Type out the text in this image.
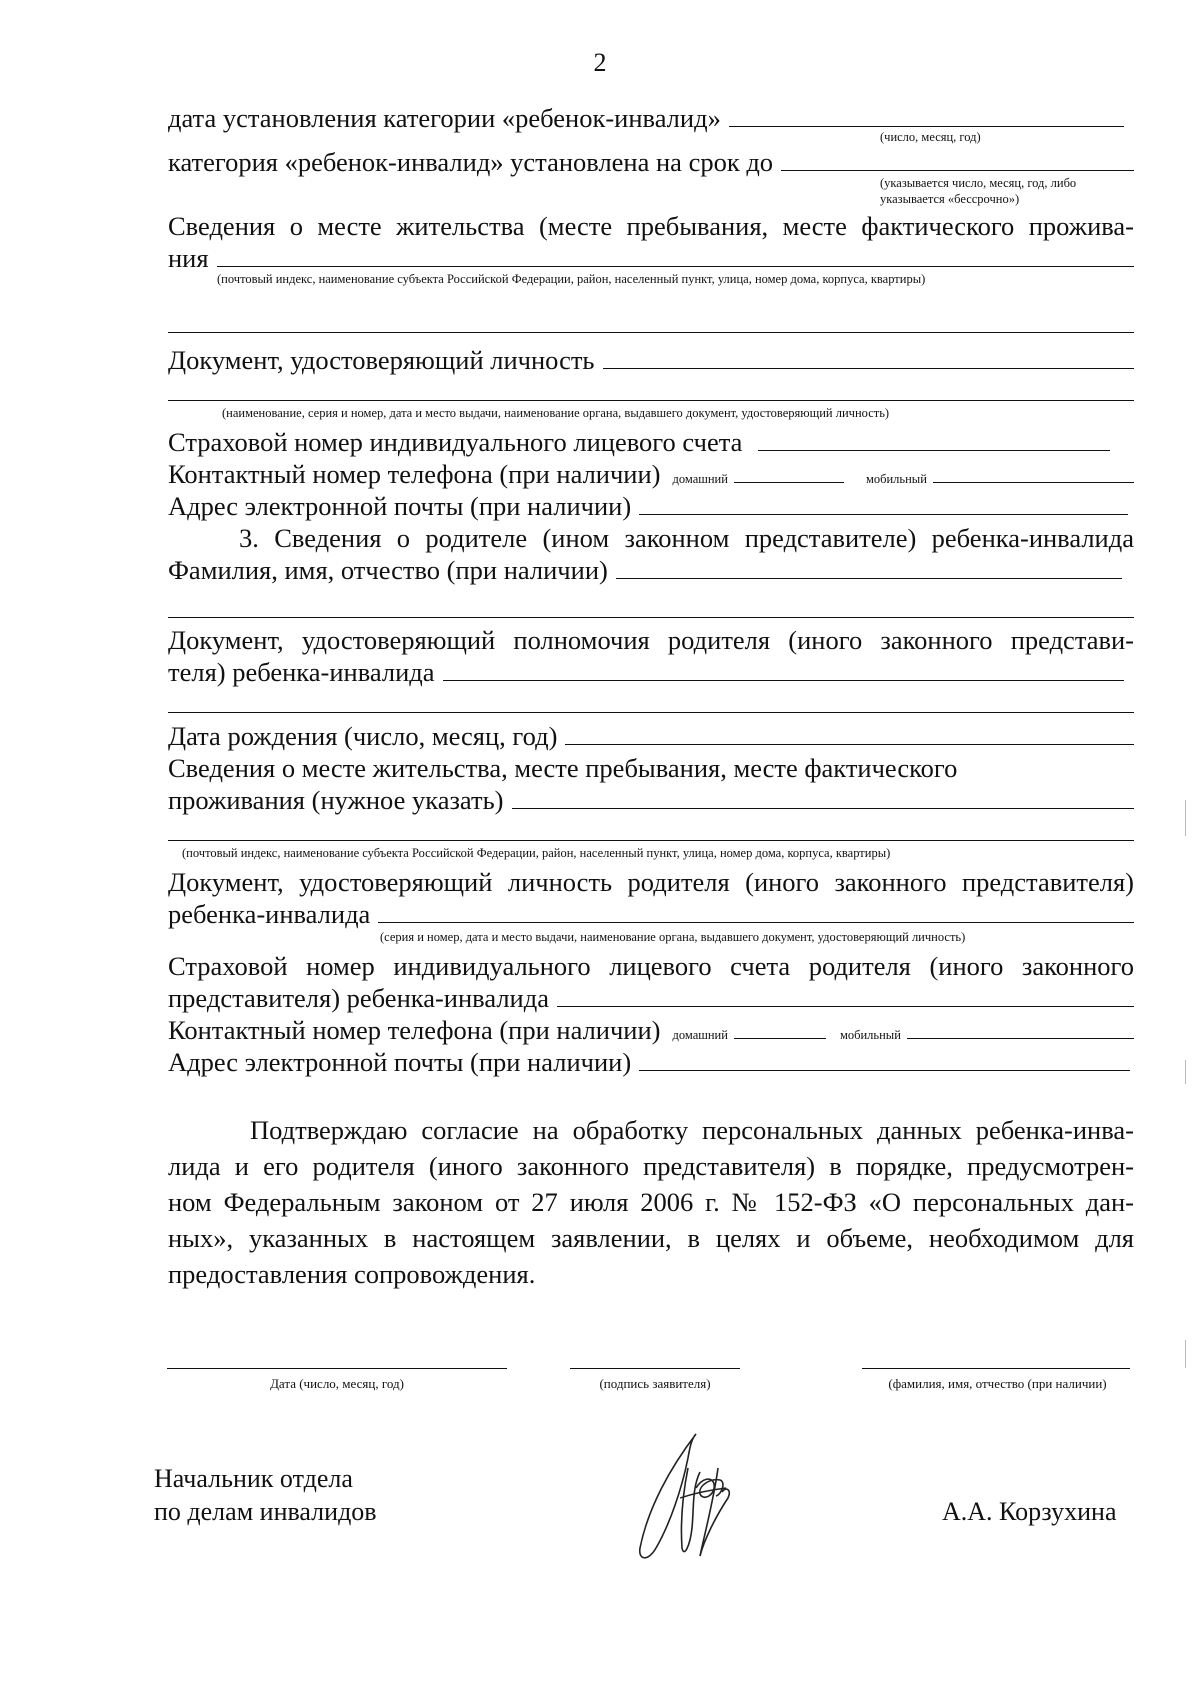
2
дата установления категории «ребенок-инвалид»
(число, месяц, год)
категория «ребенок-инвалид» установлена на срок до
(указывается число, месяц, год, либо
указывается «бессрочно»)
Сведения о месте жительства (месте пребывания, месте фактического прожива-
ния
(почтовый индекс, наименование субъекта Российской Федерации, район, населенный пункт, улица, номер дома, корпуса, квартиры)
Документ, удостоверяющий личность
(наименование, серия и номер, дата и место выдачи, наименование органа, выдавшего документ, удостоверяющий личность)
Страховой номер индивидуального лицевого счета
Контактный номер телефона (при наличии) домашний	мобильный
Адрес электронной почты (при наличии)
3. Сведения о родителе (ином законном представителе) ребенка-инвалида
Фамилия, имя, отчество (при наличии)
Документ, удостоверяющий полномочия родителя (иного законного представи-
теля) ребенка-инвалида
Дата рождения (число, месяц, год)
Сведения о месте жительства, месте пребывания, месте фактического
проживания (нужное указать)
(почтовый индекс, наименование субъекта Российской Федерации, район, населенный пункт, улица, номер дома, корпуса, квартиры)
Документ, удостоверяющий личность родителя (иного законного представителя)
ребенка-инвалида
(серия и номер, дата и место выдачи, наименование органа, выдавшего документ, удостоверяющий личность)
Страховой номер индивидуального лицевого счета родителя (иного законного
представителя) ребенка-инвалида
Контактный номер телефона (при наличии) домашний	мобильный
Адрес электронной почты (при наличии)
Подтверждаю согласие на обработку персональных данных ребенка-инва-
лида и его родителя (иного законного представителя) в порядке, предусмотрен-
ном Федеральным законом от 27 июля 2006 г. № 152-ФЗ «О персональных дан-
ных», указанных в настоящем заявлении, в целях и объеме, необходимом для
предоставления сопровождения.
Дата (число, месяц, год)	(подпись заявителя)	(фамилия, имя, отчество (при наличии)
Начальник отдела
по делам инвалидов	А.А. Корзухина
